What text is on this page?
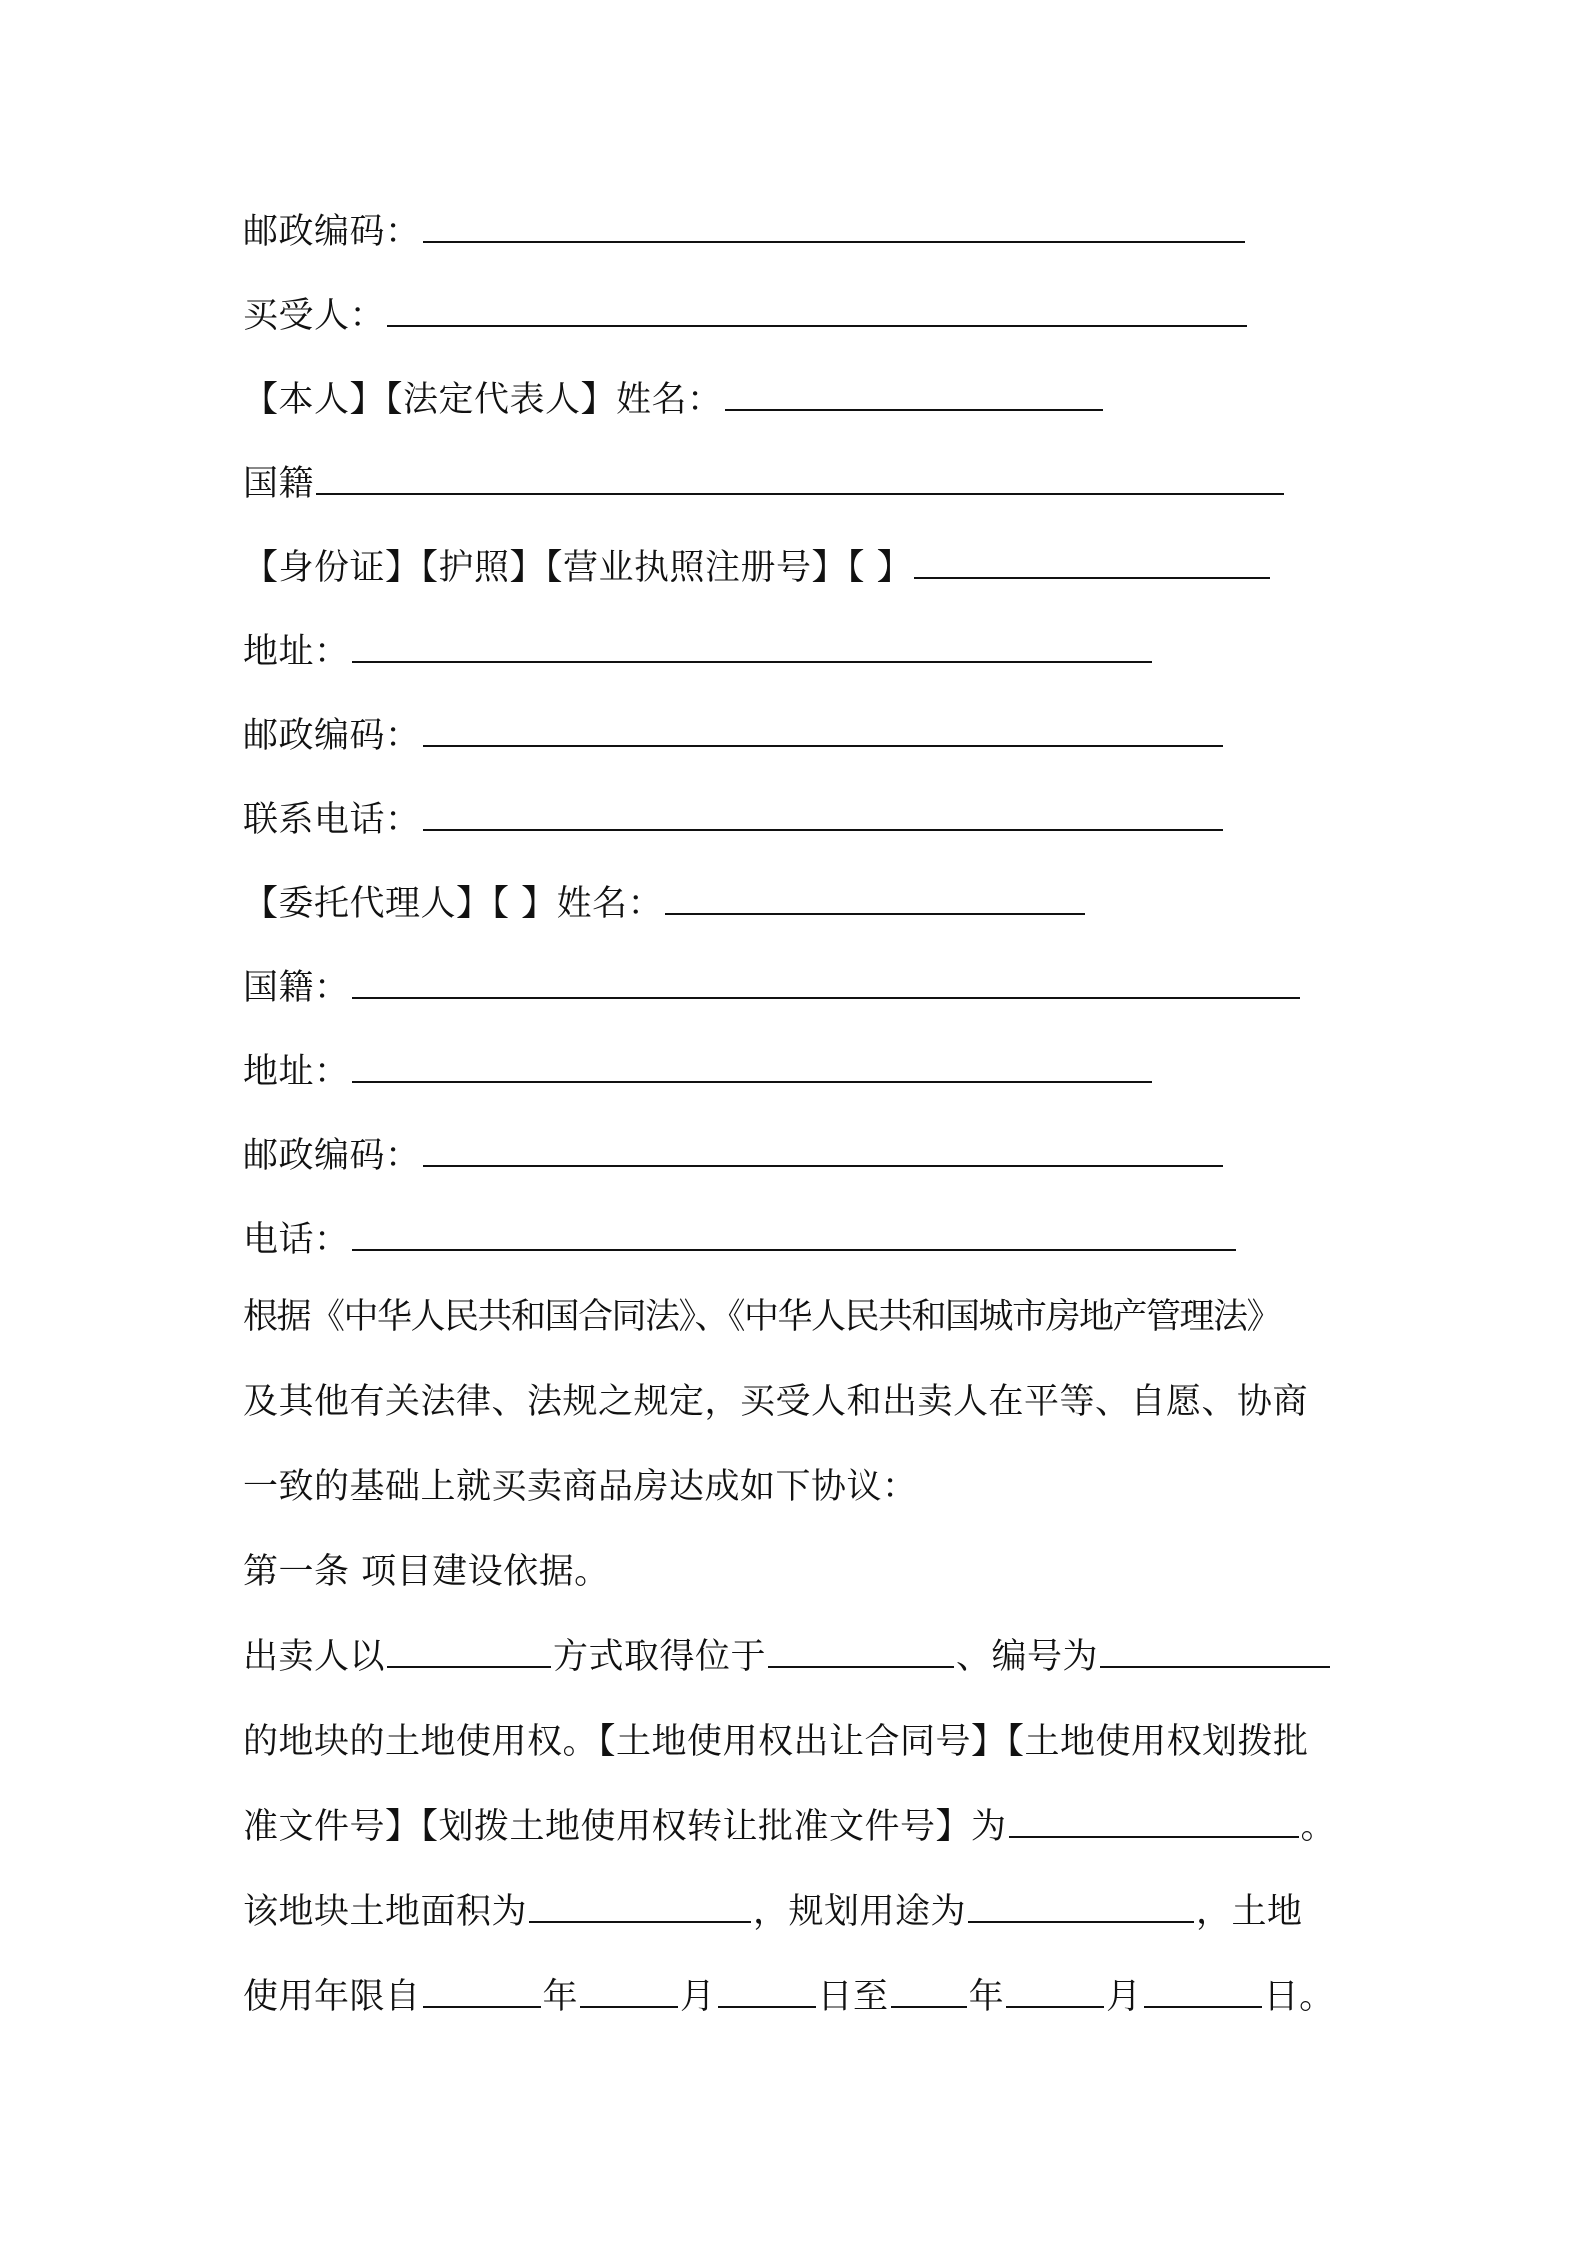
邮政编码：
买受人：
【本人】【法定代表人】姓名：
国籍
【身份证】【护照】【营业执照注册号】【 】
地址：
邮政编码：
联系电话：
【委托代理人】【 】姓名：
国籍：
地址：
邮政编码：
电话：
根据《中华人民共和国合同法》、《中华人民共和国城市房地产管理法》
及其他有关法律、法规之规定，买受人和出卖人在平等、自愿、协商
一致的基础上就买卖商品房达成如下协议：
第一条 项目建设依据。
出卖人以	方式取得位于	、编号为
的地块的土地使用权。【土地使用权出让合同号】【土地使用权划拨批
准文件号】【划拨土地使用权转让批准文件号】为	。
该地块土地面积为	，规划用途为	，土地
使用年限自	年	月	日至 年	月	日。
